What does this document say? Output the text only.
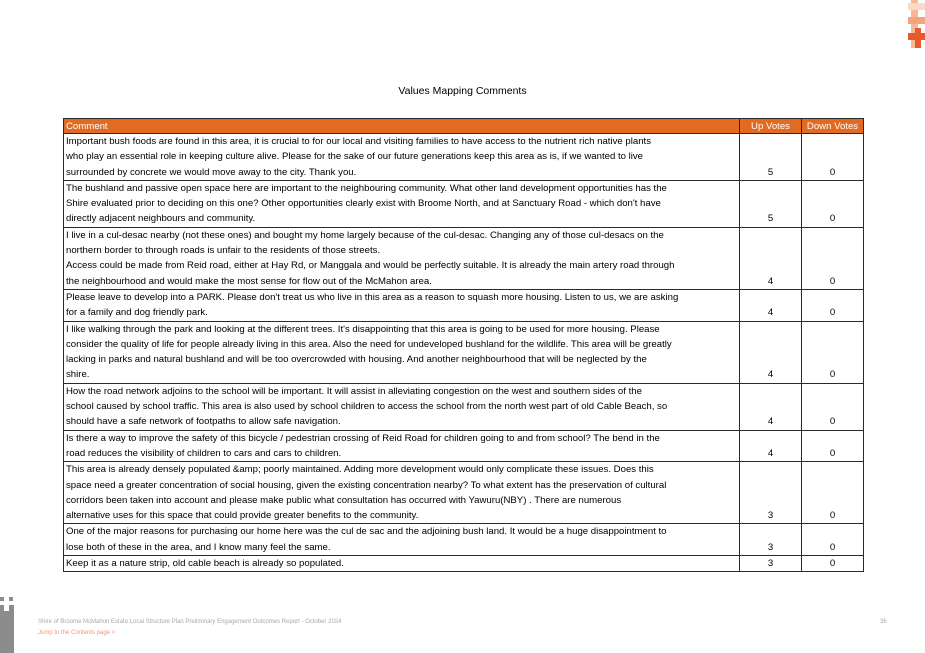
Values Mapping Comments
Comment	Up Votes	Down Votes

Important bush foods are found in this area, it is crucial to for our local and visiting families to have access to the nutrient rich native plants
who play an essential role in keeping culture alive. Please for the sake of our future generations keep this area as is, if we wanted to live
surrounded by concrete we would move away to the city. Thank you.	5	0

The bushland and passive open space here are important to the neighbouring community. What other land development opportunities has the
Shire evaluated prior to deciding on this one? Other opportunities clearly exist with Broome North, and at Sanctuary Road - which don't have
directly adjacent neighbours and community.	5	0

I live in a cul-desac nearby (not these ones) and bought my home largely because of the cul-desac. Changing any of those cul-desacs on the
northern border to through roads is unfair to the residents of those streets.
Access could be made from Reid road, either at Hay Rd, or Manggala and would be perfectly suitable. It is already the main artery road through
the neighbourhood and would make the most sense for flow out of the McMahon area.	4	0

Please leave to develop into a PARK. Please don't treat us who live in this area as a reason to squash more housing. Listen to us, we are asking
for a family and dog friendly park.	4	0

I like walking through the park and looking at the different trees. It's disappointing that this area is going to be used for more housing. Please
consider the quality of life for people already living in this area. Also the need for undeveloped bushland for the wildlife. This area will be greatly
lacking in parks and natural bushland and will be too overcrowded with housing. And another neighbourhood that will be neglected by the
shire.	4	0

How the road network adjoins to the school will be important. It will assist in alleviating congestion on the west and southern sides of the
school caused by school traffic. This area is also used by school children to access the school from the north west part of old Cable Beach, so
should have a safe network of footpaths to allow safe navigation.	4	0

Is there a way to improve the safety of this bicycle / pedestrian crossing of Reid Road for children going to and from school? The bend in the
road reduces the visibility of children to cars and cars to children.	4	0

This area is already densely populated &amp; poorly maintained. Adding more development would only complicate these issues. Does this
space need a greater concentration of social housing, given the existing concentration nearby? To what extent has the preservation of cultural
corridors been taken into account and please make public what consultation has occurred with Yawuru(NBY) . There are numerous
alternative uses for this space that could provide greater benefits to the community.	3	0

One of the major reasons for purchasing our home here was the cul de sac and the adjoining bush land. It would be a huge disappointment to
lose both of these in the area, and I know many feel the same.	3	0

Keep it as a nature strip, old cable beach is already so populated.	3	0
Shire of Broome McMahon Estate Local Structure Plan Preliminary Engagement Outcomes Report - October 2024
Jump to the Contents page >
36
